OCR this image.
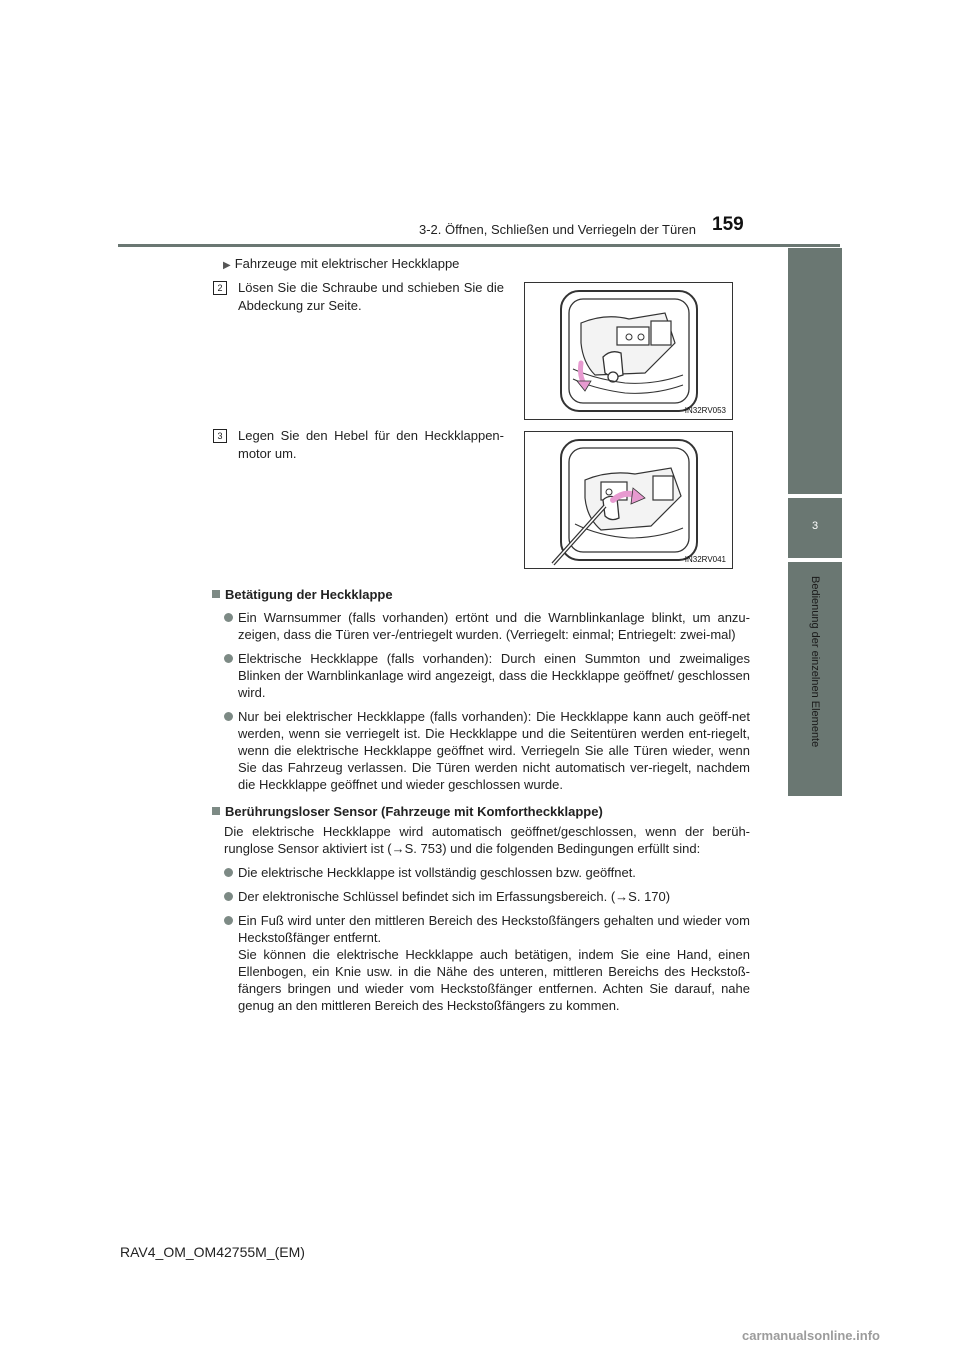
3-2. Öffnen, Schließen und Verriegeln der Türen 159
3
Bedienung der einzelnen Elemente
▶ Fahrzeuge mit elektrischer Heckklappe
2	Lösen Sie die Schraube und schieben Sie die Abdeckung zur Seite.
IN32RV053
3	Legen Sie den Hebel für den Heckklappen-motor um.
IN32RV041
Betätigung der Heckklappe
Ein Warnsummer (falls vorhanden) ertönt und die Warnblinkanlage blinkt, um anzu-zeigen, dass die Türen ver-/entriegelt wurden. (Verriegelt: einmal; Entriegelt: zwei-mal)
Elektrische Heckklappe (falls vorhanden): Durch einen Summton und zweimaliges Blinken der Warnblinkanlage wird angezeigt, dass die Heckklappe geöffnet/ geschlossen wird.
Nur bei elektrischer Heckklappe (falls vorhanden): Die Heckklappe kann auch geöff-net werden, wenn sie verriegelt ist. Die Heckklappe und die Seitentüren werden ent-riegelt, wenn die elektrische Heckklappe geöffnet wird. Verriegeln Sie alle Türen wieder, wenn Sie das Fahrzeug verlassen. Die Türen werden nicht automatisch ver-riegelt, nachdem die Heckklappe geöffnet und wieder geschlossen wurde.
Berührungsloser Sensor (Fahrzeuge mit Komfortheckklappe)
Die elektrische Heckklappe wird automatisch geöffnet/geschlossen, wenn der berüh-runglose Sensor aktiviert ist (→S. 753) und die folgenden Bedingungen erfüllt sind:
Die elektrische Heckklappe ist vollständig geschlossen bzw. geöffnet.
Der elektronische Schlüssel befindet sich im Erfassungsbereich. (→S. 170)
Ein Fuß wird unter den mittleren Bereich des Heckstoßfängers gehalten und wieder vom Heckstoßfänger entfernt.
Sie können die elektrische Heckklappe auch betätigen, indem Sie eine Hand, einen Ellenbogen, ein Knie usw. in die Nähe des unteren, mittleren Bereichs des Heckstoß-fängers bringen und wieder vom Heckstoßfänger entfernen. Achten Sie darauf, nahe genug an den mittleren Bereich des Heckstoßfängers zu kommen.
RAV4_OM_OM42755M_(EM)
carmanualsonline.info
